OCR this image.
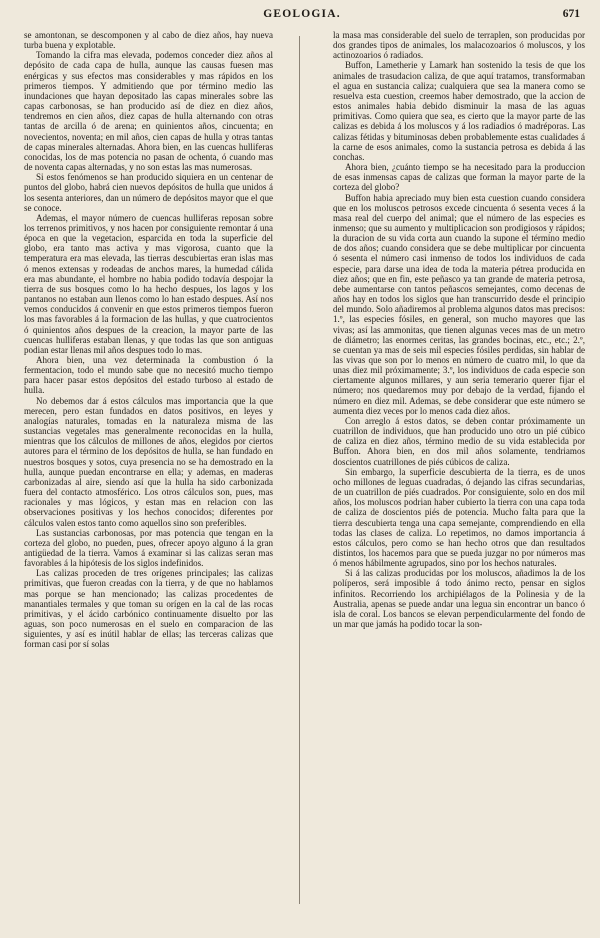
GEOLOGIA.	671

se amontonan, se descomponen y al cabo de diez años, hay nueva turba buena y explotable.

Tomando la cifra mas elevada, podemos conceder diez años al depósito de cada capa de hulla, aunque las causas fuesen mas enérgicas y sus efectos mas considerables y mas rápidos en los primeros tiempos. Y admitiendo que por término medio las inundaciones que hayan depositado las capas minerales sobre las capas carbonosas, se han producido así de diez en diez años, tendremos en cien años, diez capas de hulla alternando con otras tantas de arcilla ó de arena; en quinientos años, cincuenta; en novecientos, noventa; en mil años, cien capas de hulla y otras tantas de capas minerales alternadas. Ahora bien, en las cuencas hulliferas conocidas, los de mas potencia no pasan de ochenta, ó cuando mas de noventa capas alternadas, y no son estas las mas numerosas.

Si estos fenómenos se han producido siquiera en un centenar de puntos del globo, habrá cien nuevos depósitos de hulla que unidos á los sesenta anteriores, dan un número de depósitos mayor que el que se conoce.

Ademas, el mayor número de cuencas hulliferas reposan sobre los terrenos primitivos, y nos hacen por consiguiente remontar á una época en que la vegetacion, esparcida en toda la superficie del globo, era tanto mas activa y mas vigorosa, cuanto que la temperatura era mas elevada, las tierras descubiertas eran islas mas ó menos extensas y rodeadas de anchos mares, la humedad cálida era mas abundante, el hombre no habia podido todavía despojar la tierra de sus bosques como lo ha hecho despues, los lagos y los pantanos no estaban aun llenos como lo han estado despues. Así nos vemos conducidos á convenir en que estos primeros tiempos fueron los mas favorables á la formacion de las hullas, y que cuatrocientos ó quinientos años despues de la creacion, la mayor parte de las cuencas hulliferas estaban llenas, y que todas las que son antiguas podian estar llenas mil años despues todo lo mas.

Ahora bien, una vez determinada la combustion ó la fermentacion, todo el mundo sabe que no necesitó mucho tiempo para hacer pasar estos depósitos del estado turboso al estado de hulla.

No debemos dar á estos cálculos mas importancia que la que merecen, pero estan fundados en datos positivos, en leyes y analogías naturales, tomadas en la naturaleza misma de las sustancias vegetales mas generalmente reconocidas en la hulla, mientras que los cálculos de millones de años, elegidos por ciertos autores para el término de los depósitos de hulla, se han fundado en nuestros bosques y sotos, cuya presencia no se ha demostrado en la hulla, aunque puedan encontrarse en ella; y ademas, en maderas carbonizadas al aire, siendo así que la hulla ha sido carbonizada fuera del contacto atmosférico. Los otros cálculos son, pues, mas racionales y mas lógicos, y estan mas en relacion con las observaciones positivas y los hechos conocidos; diferentes por cálculos valen estos tanto como aquellos sino son preferibles.

Las sustancias carbonosas, por mas potencia que tengan en la corteza del globo, no pueden, pues, ofrecer apoyo alguno á la gran antigüedad de la tierra. Vamos á examinar si las calizas seran mas favorables á la hipótesis de los siglos indefinidos.

Las calizas proceden de tres orígenes principales; las calizas primitivas, que fueron creadas con la tierra, y de que no hablamos mas porque se han mencionado; las calizas procedentes de manantiales termales y que toman su orígen en la cal de las rocas primitivas, y el ácido carbónico continuamente disuelto por las aguas, son poco numerosas en el suelo en comparacion de las siguientes, y así es inútil hablar de ellas; las terceras calizas que forman casi por sí solas

la masa mas considerable del suelo de terraplen, son producidas por dos grandes tipos de animales, los malacozoarios ó moluscos, y los actinozoarios ó radiados.

Buffon, Lametherie y Lamark han sostenido la tesis de que los animales de trasudacion caliza, de que aquí tratamos, transformaban el agua en sustancia caliza; cualquiera que sea la manera como se resuelva esta cuestion, creemos haber demostrado, que la accion de estos animales habia debido disminuir la masa de las aguas primitivas. Como quiera que sea, es cierto que la mayor parte de las calizas es debida á los moluscos y á los radiadios ó madréporas. Las calizas fétidas y bituminosas deben probablemente estas cualidades á la carne de esos animales, como la sustancia petrosa es debida á las conchas.

Ahora bien, ¿cuánto tiempo se ha necesitado para la produccion de esas inmensas capas de calizas que forman la mayor parte de la corteza del globo?

Buffon habia apreciado muy bien esta cuestion cuando considera que en los moluscos petrosos excede cincuenta ó sesenta veces á la masa real del cuerpo del animal; que el número de las especies es inmenso; que su aumento y multiplicacion son prodigiosos y rápidos; la duracion de su vida corta aun cuando la supone el término medio de dos años; cuando considera que se debe multiplicar por cincuenta ó sesenta el número casi inmenso de todos los individuos de cada especie, para darse una idea de toda la materia pétrea producida en diez años; que en fin, este peñasco ya tan grande de materia petrosa, debe aumentarse con tantos peñascos semejantes, como decenas de años hay en todos los siglos que han transcurrido desde el principio del mundo. Solo añadiremos al problema algunos datos mas precisos: 1.º, las especies fósiles, en general, son mucho mayores que las vivas; así las ammonitas, que tienen algunas veces mas de un metro de diámetro; las enormes ceritas, las grandes bocinas, etc., etc.; 2.º, se cuentan ya mas de seis mil especies fósiles perdidas, sin hablar de las vivas que son por lo menos en número de cuatro mil, lo que da unas diez mil próximamente; 3.º, los individuos de cada especie son ciertamente algunos millares, y aun seria temerario querer fijar el número; nos quedaremos muy por debajo de la verdad, fijando el número en diez mil. Ademas, se debe considerar que este número se aumenta diez veces por lo menos cada diez años.

Con arreglo á estos datos, se deben contar próximamente un cuatrillon de individuos, que han producido uno otro un pié cúbico de caliza en diez años, término medio de su vida establecida por Buffon. Ahora bien, en dos mil años solamente, tendriamos doscientos cuatrillones de piés cúbicos de caliza.

Sin embargo, la superficie descubierta de la tierra, es de unos ocho millones de leguas cuadradas, ó dejando las cifras secundarias, de un cuatrillon de piés cuadrados. Por consiguiente, solo en dos mil años, los moluscos podrian haber cubierto la tierra con una capa toda de caliza de doscientos piés de potencia. Mucho falta para que la tierra descubierta tenga una capa semejante, comprendiendo en ella todas las clases de caliza. Lo repetimos, no damos importancia á estos cálculos, pero como se han hecho otros que dan resultados distintos, los hacemos para que se pueda juzgar no por números mas ó menos hábilmente agrupados, sino por los hechos naturales.

Si á las calizas producidas por los moluscos, añadimos la de los políperos, será imposible á todo ánimo recto, pensar en siglos infinitos. Recorriendo los archipiélagos de la Polinesia y de la Australia, apenas se puede andar una legua sin encontrar un banco ó isla de coral. Los bancos se elevan perpendicularmente del fondo de un mar que jamás ha podido tocar la son-
